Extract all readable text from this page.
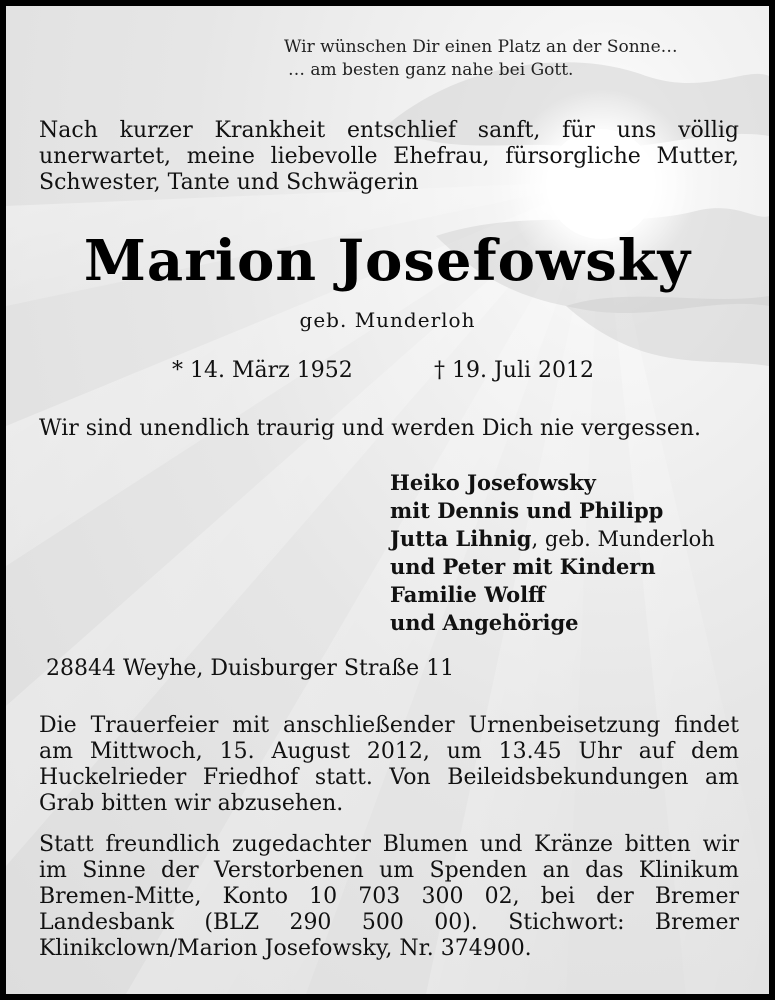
Wir wünschen Dir einen Platz an der Sonne…
… am besten ganz nahe bei Gott.
Nach kurzer Krankheit entschlief sanft, für uns völlig unerwartet, meine liebevolle Ehefrau, fürsorgliche Mutter, Schwester, Tante und Schwägerin
Marion Josefowsky
geb. Munderloh
* 14. März 1952	† 19. Juli 2012
Wir sind unendlich traurig und werden Dich nie vergessen.
Heiko Josefowsky
mit Dennis und Philipp
Jutta Lihnig, geb. Munderloh
und Peter mit Kindern
Familie Wolff
und Angehörige
28844 Weyhe, Duisburger Straße 11
Die Trauerfeier mit anschließender Urnenbeisetzung findet am Mittwoch, 15. August 2012, um 13.45 Uhr auf dem Huckelrieder Friedhof statt. Von Beileidsbekundungen am Grab bitten wir abzusehen.
Statt freundlich zugedachter Blumen und Kränze bitten wir im Sinne der Verstorbenen um Spenden an das Klinikum Bremen-Mitte, Konto 10 703 300 02, bei der Bremer Landesbank (BLZ 290 500 00). Stichwort: Bremer Klinikclown/Marion Josefowsky, Nr. 374900.
